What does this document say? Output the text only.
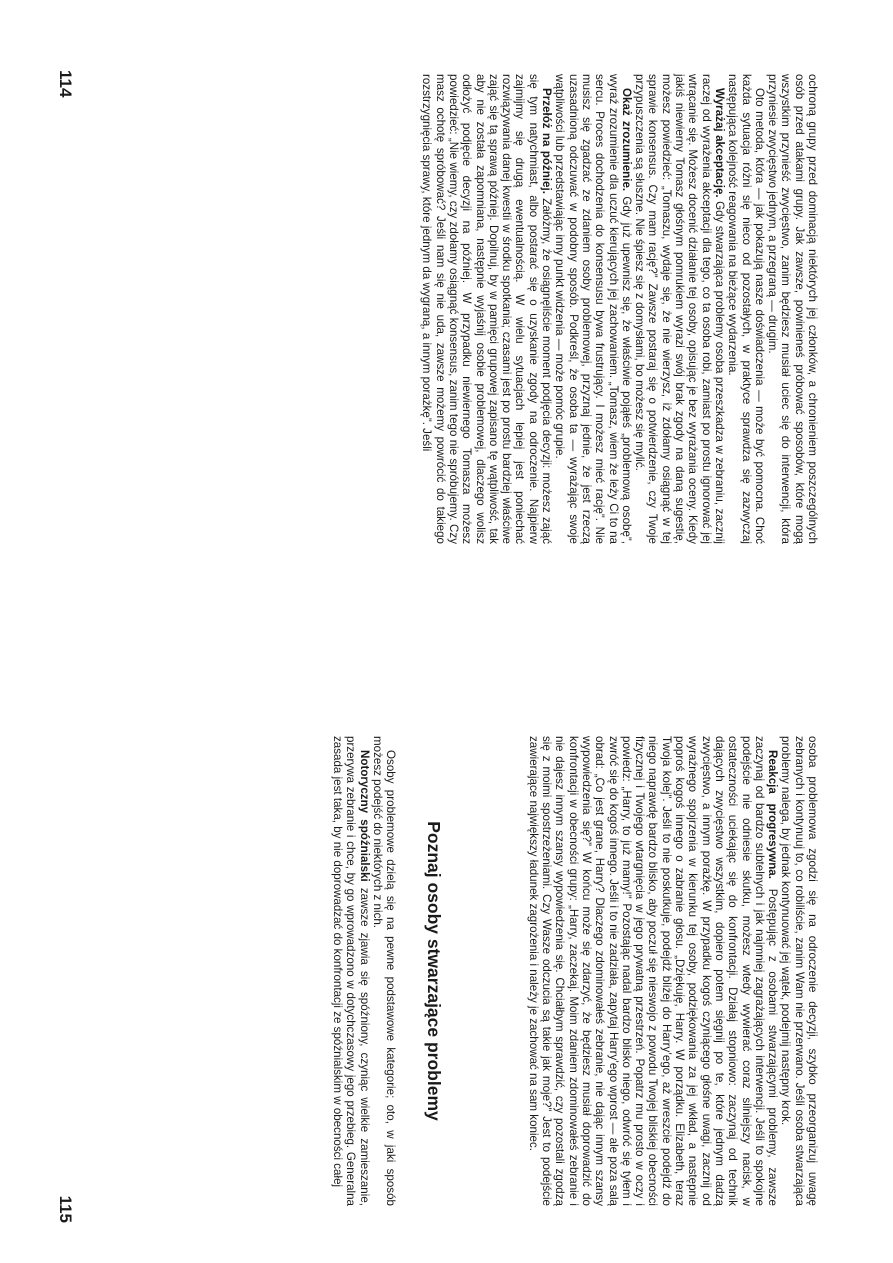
ochroną grupy przed dominacją niektórych jej członków, a chronieniem poszczególnych osób przed atakami grupy. Jak zawsze, powinieneś próbować sposobów, które mogą wszystkim przynieść zwycięstwo, zanim będziesz musiał uciec się do interwencji, która przyniesie zwycięstwo jednym, a przegraną — drugim.

Oto metoda, która — jak pokazują nasze doświadczenia — może być pomocna. Choć każda sytuacja różni się nieco od pozostałych, w praktyce sprawdza się zazwyczaj następująca kolejność reagowania na bieżące wydarzenia.

Wyrażaj akceptację. Gdy stwarzająca problemy osoba przeszkadza w zebraniu, zacznij raczej od wyrażenia akceptacji dla tego, co ta osoba robi, zamiast po prostu ignorować jej wtrącanie się. Możesz docenić działanie tej osoby, opisując je bez wyrażania oceny. Kiedy jakiś niewierny Tomasz głośnym pomrukiem wyrazi swój brak zgody na daną sugestię, możesz powiedzieć: „Tomaszu, wydaje się, że nie wierzysz, iż zdołamy osiągnąć w tej sprawie konsensus. Czy mam rację?” Zawsze postaraj się o potwierdzenie, czy Twoje przypuszczenia są słuszne. Nie śpiesz się z domysłami, bo możesz się mylić.

Okaż zrozumienie. Gdy już upewnisz się, że właściwie pojąłeś „problemową osobę”, wyraź zrozumienie dla uczuć kierujących jej zachowaniem. „Tomasz, wiem że leży Ci to na sercu. Proces dochodzenia do konsensusu bywa frustrujący. I możesz mieć rację”. Nie musisz się zgadzać ze zdaniem osoby problemowej, przyznaj jednie, że jest rzeczą uzasadnioną odczuwać w podobny sposób. Podkreśl, że osoba ta — wyrażając swoje wątpliwości lub przedstawiając inny punkt widzenia — może pomóc grupie.

Przełóż na później. Załóżmy, że osiągnęliście moment podjęcia decyzji: możesz zająć się tym natychmiast, albo postarać się o uzyskanie zgody na odroczenie. Najpierw zajmijmy się drugą ewentualnością. W wielu sytuacjach lepiej jest poniechać rozwiązywania danej kwestii w środku spotkania; czasami jest po prostu bardziej właściwe zająć się tą sprawą później. Dopilnuj, by w pamięci grupowej zapisano tę wątpliwość, tak aby nie została zapomniana, następnie wyjaśnij osobie problemowej, dlaczego wolisz odłożyć podjęcie decyzji na później. W przypadku niewiernego Tomasza możesz powiedzieć: „Nie wiemy, czy zdołamy osiągnąć konsensus, zanim tego nie spróbujemy. Czy masz ochotę spróbować? Jeśli nam się nie uda, zawsze możemy powrócić do takiego rozstrzygnięcia sprawy, które jednym da wygraną, a innym porażkę”. Jeśli

114

osoba problemowa zgodzi się na odroczenie decyzji, szybko przeorganizuj uwagę zebranych i kontynuuj to, co robiliście, zanim Wam nie przerwano. Jeśli osoba stwarzająca problemy nalega, by jednak kontynuować jej wątek, podejmij następny krok.

Reakcja progresywna. Postępując z osobami stwarzającymi problemy, zawsze zaczynaj od bardzo subtelnych i jak najmniej zagrażających interwencji. Jeśli to spokojne podejście nie odniesie skutku, możesz wtedy wywierać coraz silniejszy nacisk, w ostateczności uciekając się do konfrontacji. Działaj stopniowo: zaczynaj od technik dających zwycięstwo wszystkim, dopiero potem sięgnij po te, które jednym dadzą zwycięstwo, a innym porażkę. W przypadku kogoś czyniącego głośne uwagi, zacznij od wyraźnego spojrzenia w kierunku tej osoby, podziękowania za jej wkład, a następnie poproś kogoś innego o zabranie głosu. „Dziękuję, Harry. W porządku. Elizabeth, teraz Twoja kolej”. Jeśli to nie poskutkuje, podejdź bliżej do Harry’ego, aż wreszcie podejdź do niego naprawdę bardzo blisko, aby poczuł się nieswojo z powodu Twojej bliskiej obecności fizycznej i Twojego wtargnięcia w jego prywatną przestrzeń. Popatrz mu prosto w oczy i powiedz: „Harry, to już mamy!” Pozostając nadal bardzo blisko niego, odwróć się tyłem i zwróć się do kogoś innego. Jeśli i to nie zadziała, zapytaj Harry’ego wprost — ale poza salą obrad: „Co jest grane, Harry? Dlaczego zdominowałeś zebranie, nie dając innym szansy wypowiedzenia się?” W końcu może się zdarzyć, że będziesz musiał doprowadzić do konfrontacji w obecności grupy: „Harry, zaczekaj. Moim zdaniem zdominowałeś zebranie i nie dajesz innym szansy wypowiedzenia się. Chciałbym sprawdzić, czy pozostali zgodzą się z moimi spostrzeżeniami. Czy Wasze odczucia są takie jak moje?” Jest to podejście zawierające największy ładunek zagrożenia i należy je zachować na sam koniec.

Poznaj osoby stwarzające problemy

Osoby problemowe dzielą się na pewne podstawowe kategorie; oto, w jaki sposób możesz podejść do niektórych z nich.

Notoryczny spóźnialski zawsze zjawia się spóźniony, czyniąc wielkie zamieszanie, przerywa zebranie i chce, by go wprowadzono w dotychczasowy jego przebieg. Generalna zasada jest taka, by nie doprowadzać do konfrontacji ze spóźnialskim w obecności całej

115
